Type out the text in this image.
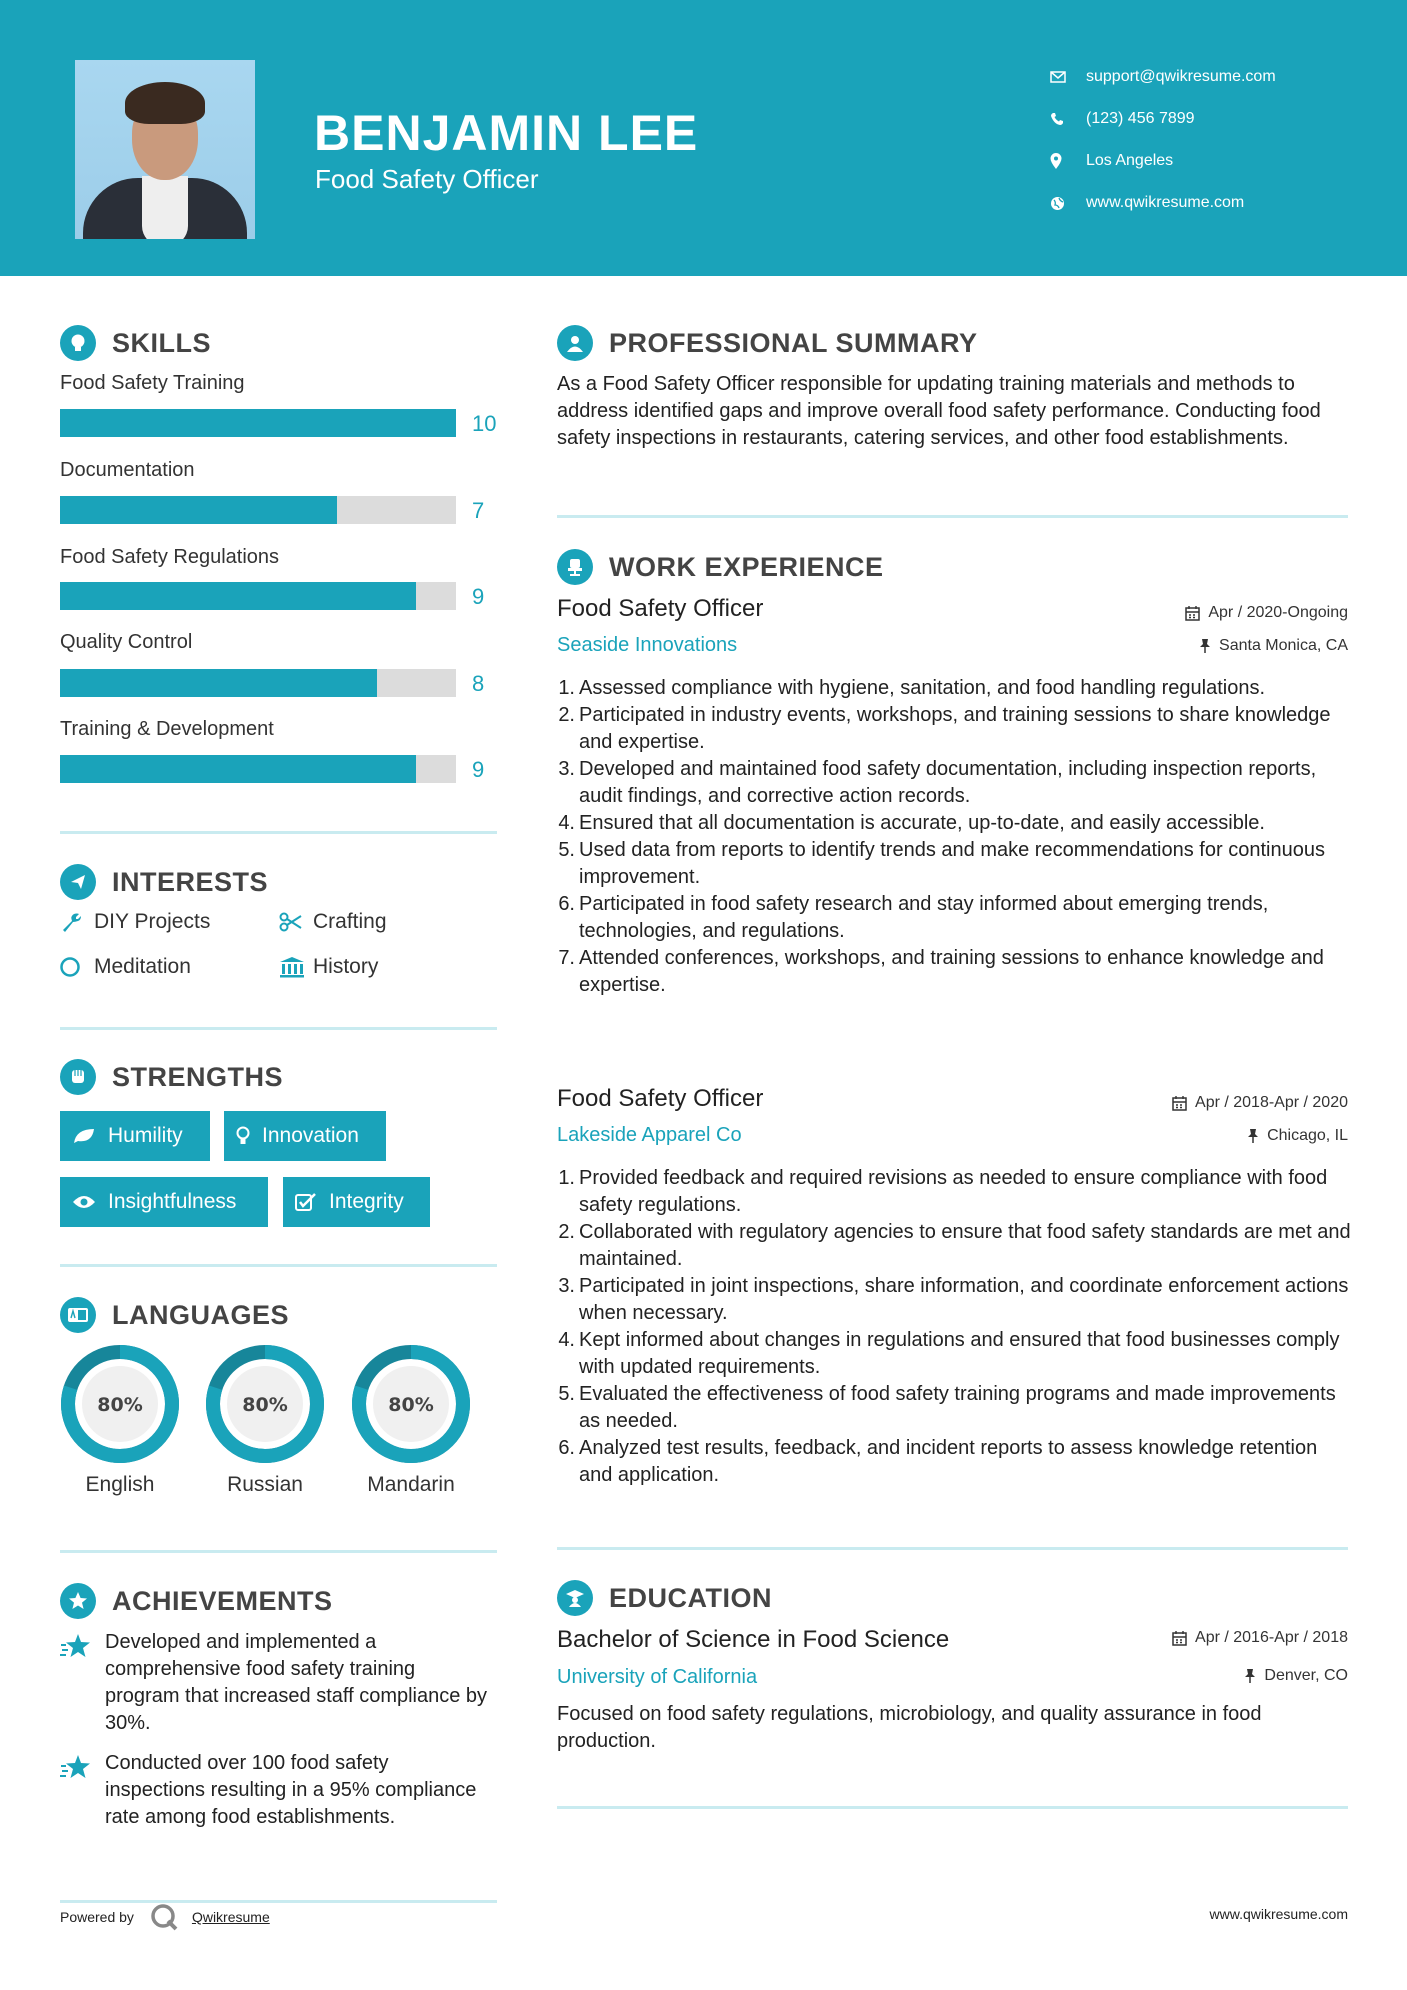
BENJAMIN LEE
Food Safety Officer
support@qwikresume.com
(123) 456 7899
Los Angeles
www.qwikresume.com
SKILLS
Food Safety Training
10
Documentation
7
Food Safety Regulations
9
Quality Control
8
Training & Development
9
INTERESTS
DIY Projects	Crafting
Meditation	History
STRENGTHS
Humility	Innovation
Insightfulness	Integrity
LANGUAGES
80%
English
80%
Russian
80%
Mandarin
ACHIEVEMENTS
Developed and implemented a comprehensive food safety training program that increased staff compliance by 30%.
Conducted over 100 food safety inspections resulting in a 95% compliance rate among food establishments.
PROFESSIONAL SUMMARY
As a Food Safety Officer responsible for updating training materials and methods to address identified gaps and improve overall food safety performance. Conducting food safety inspections in restaurants, catering services, and other food establishments.
WORK EXPERIENCE
Food Safety Officer	Apr / 2020-Ongoing
Seaside Innovations	Santa Monica, CA
1. Assessed compliance with hygiene, sanitation, and food handling regulations.
2. Participated in industry events, workshops, and training sessions to share knowledge and expertise.
3. Developed and maintained food safety documentation, including inspection reports, audit findings, and corrective action records.
4. Ensured that all documentation is accurate, up-to-date, and easily accessible.
5. Used data from reports to identify trends and make recommendations for continuous improvement.
6. Participated in food safety research and stay informed about emerging trends, technologies, and regulations.
7. Attended conferences, workshops, and training sessions to enhance knowledge and expertise.
Food Safety Officer	Apr / 2018-Apr / 2020
Lakeside Apparel Co	Chicago, IL
1. Provided feedback and required revisions as needed to ensure compliance with food safety regulations.
2. Collaborated with regulatory agencies to ensure that food safety standards are met and maintained.
3. Participated in joint inspections, share information, and coordinate enforcement actions when necessary.
4. Kept informed about changes in regulations and ensured that food businesses comply with updated requirements.
5. Evaluated the effectiveness of food safety training programs and made improvements as needed.
6. Analyzed test results, feedback, and incident reports to assess knowledge retention and application.
EDUCATION
Bachelor of Science in Food Science	Apr / 2016-Apr / 2018
University of California	Denver, CO
Focused on food safety regulations, microbiology, and quality assurance in food production.
Powered by	Qwikresume	www.qwikresume.com
